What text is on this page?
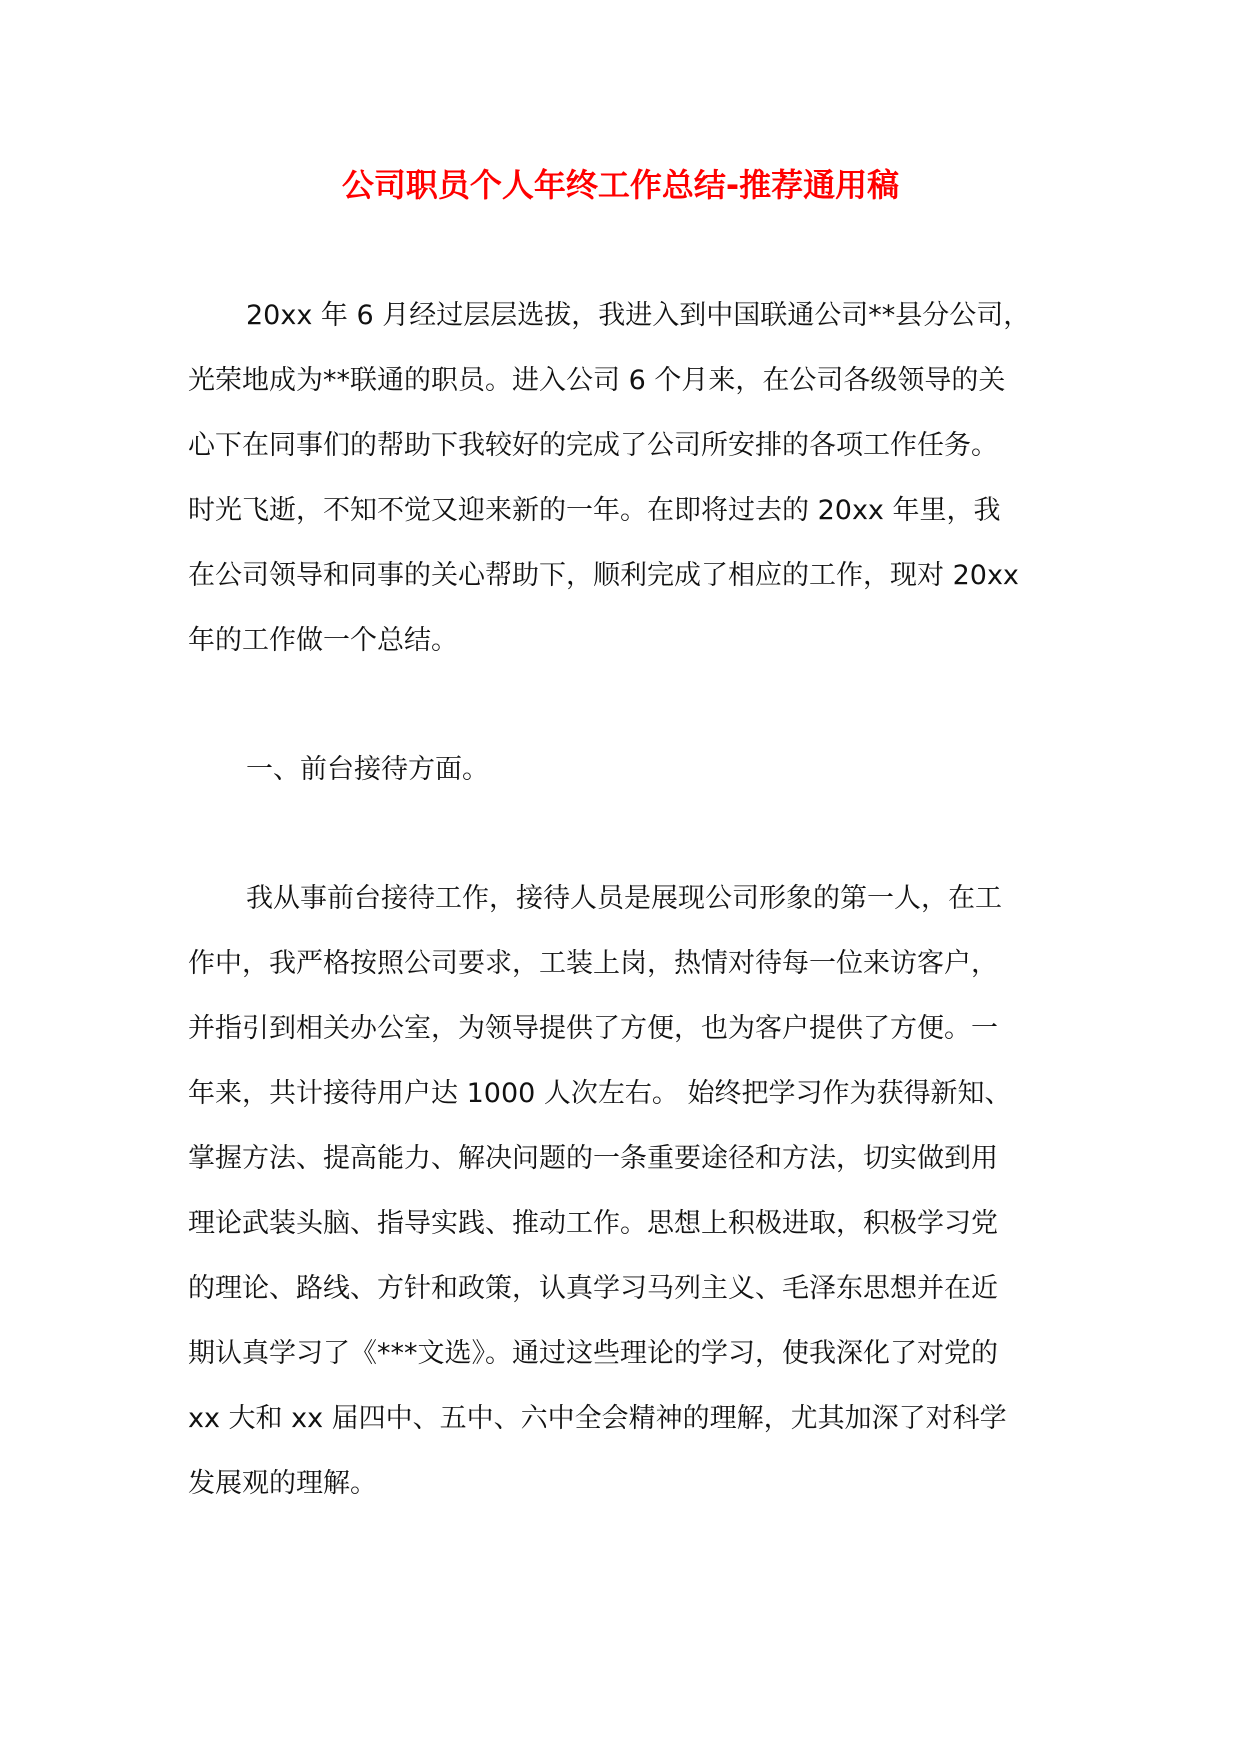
公司职员个人年终工作总结-推荐通用稿

20xx 年 6 月经过层层选拔，我进入到中国联通公司**县分公司，
光荣地成为**联通的职员。进入公司 6 个月来，在公司各级领导的关
心下在同事们的帮助下我较好的完成了公司所安排的各项工作任务。
时光飞逝，不知不觉又迎来新的一年。在即将过去的 20xx 年里，我
在公司领导和同事的关心帮助下，顺利完成了相应的工作，现对 20xx
年的工作做一个总结。

一、前台接待方面。

我从事前台接待工作，接待人员是展现公司形象的第一人，在工
作中，我严格按照公司要求，工装上岗，热情对待每一位来访客户，
并指引到相关办公室，为领导提供了方便，也为客户提供了方便。一
年来，共计接待用户达 1000 人次左右。 始终把学习作为获得新知、
掌握方法、提高能力、解决问题的一条重要途径和方法，切实做到用
理论武装头脑、指导实践、推动工作。思想上积极进取，积极学习党
的理论、路线、方针和政策，认真学习马列主义、毛泽东思想并在近
期认真学习了《***文选》。通过这些理论的学习，使我深化了对党的
xx 大和 xx 届四中、五中、六中全会精神的理解，尤其加深了对科学
发展观的理解。
